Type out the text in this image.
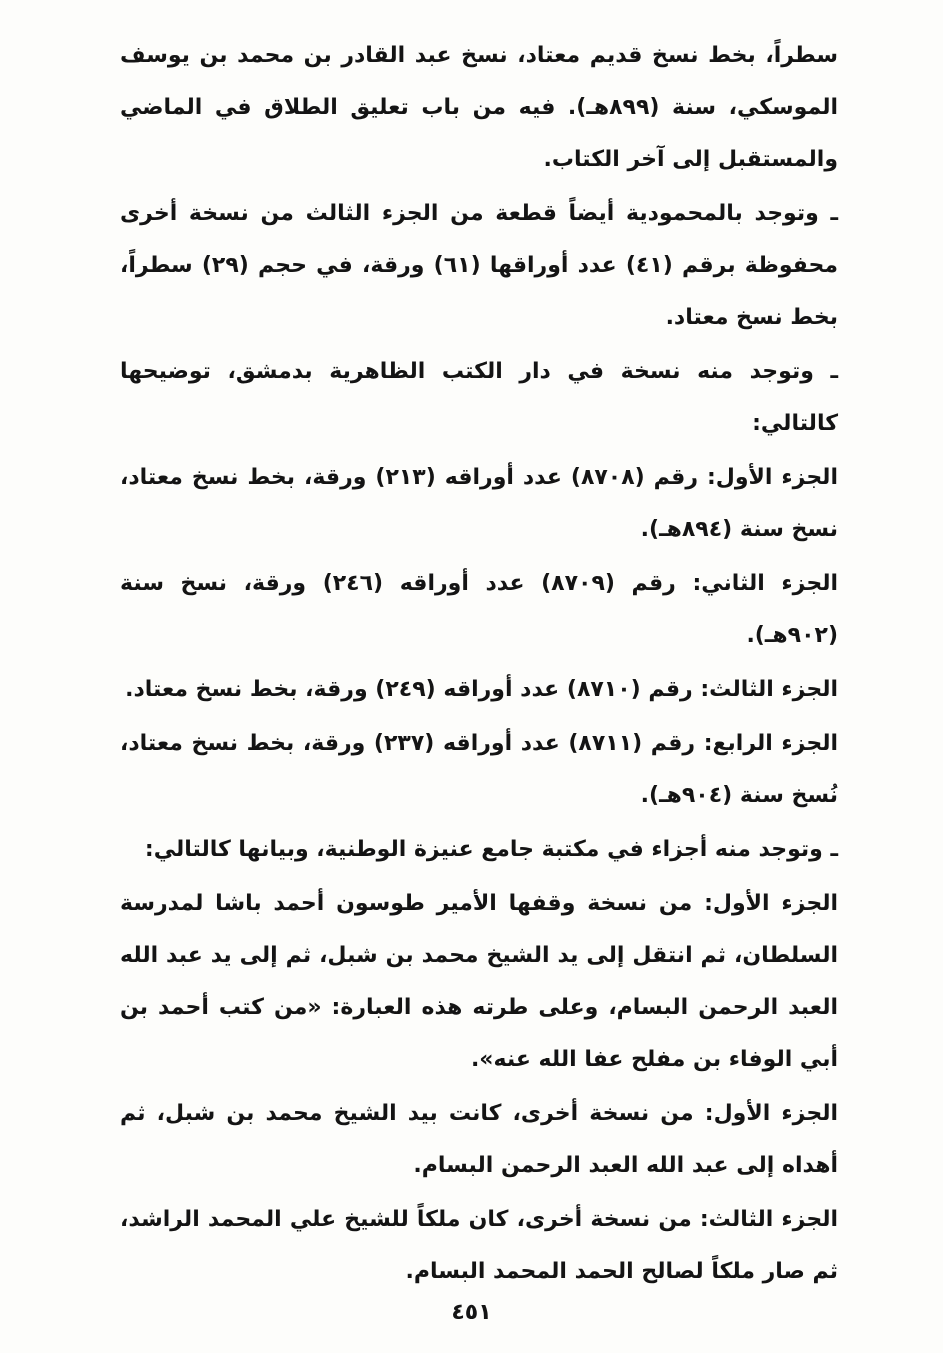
سطراً، بخط نسخ قديم معتاد، نسخ عبد القادر بن محمد بن يوسف الموسكي، سنة (٨٩٩هـ). فيه من باب تعليق الطلاق في الماضي والمستقبل إلى آخر الكتاب.

ـ وتوجد بالمحمودية أيضاً قطعة من الجزء الثالث من نسخة أخرى محفوظة برقم (٤١) عدد أوراقها (٦١) ورقة، في حجم (٢٩) سطراً، بخط نسخ معتاد.

ـ وتوجد منه نسخة في دار الكتب الظاهرية بدمشق، توضيحها كالتالي:

الجزء الأول: رقم (٨٧٠٨) عدد أوراقه (٢١٣) ورقة، بخط نسخ معتاد، نسخ سنة (٨٩٤هـ).

الجزء الثاني: رقم (٨٧٠٩) عدد أوراقه (٢٤٦) ورقة، نسخ سنة (٩٠٢هـ).

الجزء الثالث: رقم (٨٧١٠) عدد أوراقه (٢٤٩) ورقة، بخط نسخ معتاد.

الجزء الرابع: رقم (٨٧١١) عدد أوراقه (٢٣٧) ورقة، بخط نسخ معتاد، نُسخ سنة (٩٠٤هـ).

ـ وتوجد منه أجزاء في مكتبة جامع عنيزة الوطنية، وبيانها كالتالي:

الجزء الأول: من نسخة وقفها الأمير طوسون أحمد باشا لمدرسة السلطان، ثم انتقل إلى يد الشيخ محمد بن شبل، ثم إلى يد عبد الله العبد الرحمن البسام، وعلى طرته هذه العبارة: «من كتب أحمد بن أبي الوفاء بن مفلح عفا الله عنه».

الجزء الأول: من نسخة أخرى، كانت بيد الشيخ محمد بن شبل، ثم أهداه إلى عبد الله العبد الرحمن البسام.

الجزء الثالث: من نسخة أخرى، كان ملكاً للشيخ علي المحمد الراشد، ثم صار ملكاً لصالح الحمد المحمد البسام.

٤٥١
